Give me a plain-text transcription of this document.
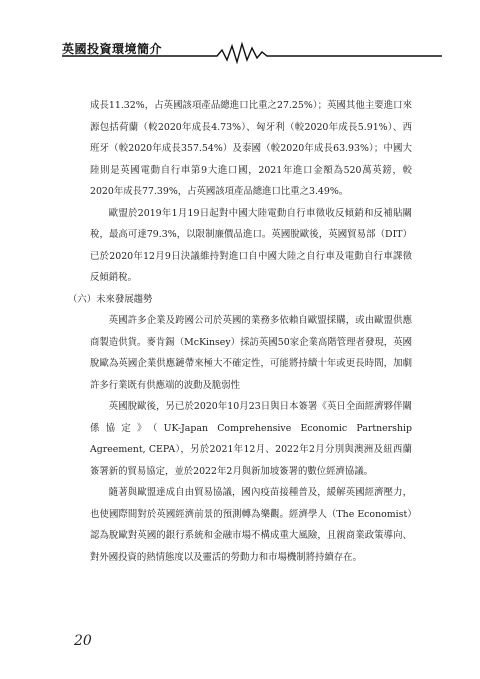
英國投資環境簡介

成長11.32%，占英國該項產品總進口比重之27.25%）；英國其他主要進口來源包括荷蘭（較2020年成長4.73%）、匈牙利（較2020年成長5.91%）、西班牙（較2020年成長357.54%）及泰國（較2020年成長63.93%）；中國大陸則是英國電動自行車第9大進口國，2021年進口金額為520萬英鎊，較2020年成長77.39%，占英國該項產品總進口比重之3.49%。

歐盟於2019年1月19日起對中國大陸電動自行車徵收反傾銷和反補貼關稅，最高可達79.3%，以限制廉價品進口。英國脫歐後，英國貿易部（DIT）已於2020年12月9日決議維持對進口自中國大陸之自行車及電動自行車課徵反傾銷稅。

（六）未來發展趨勢

英國許多企業及跨國公司於英國的業務多依賴自歐盟採購，或由歐盟供應商製造供貨。麥肯錫（McKinsey）採訪英國50家企業高階管理者發現，英國脫歐為英國企業供應鏈帶來極大不確定性，可能將持續十年或更長時間，加劇許多行業既有供應端的波動及脆弱性

英國脫歐後，另已於2020年10月23日與日本簽署《英日全面經濟夥伴關係協定》（UK-Japan Comprehensive Economic Partnership Agreement, CEPA），另於2021年12月、2022年2月分別與澳洲及紐西蘭簽署新的貿易協定，並於2022年2月與新加坡簽署的數位經濟協議。

隨著與歐盟達成自由貿易協議，國內疫苗接種普及，緩解英國經濟壓力，也使國際間對於英國經濟前景的預測轉為樂觀。經濟學人（The Economist）認為脫歐對英國的銀行系統和金融市場不構成重大風險，且親商業政策導向、對外國投資的熱情態度以及靈活的勞動力和市場機制將持續存在。

20
